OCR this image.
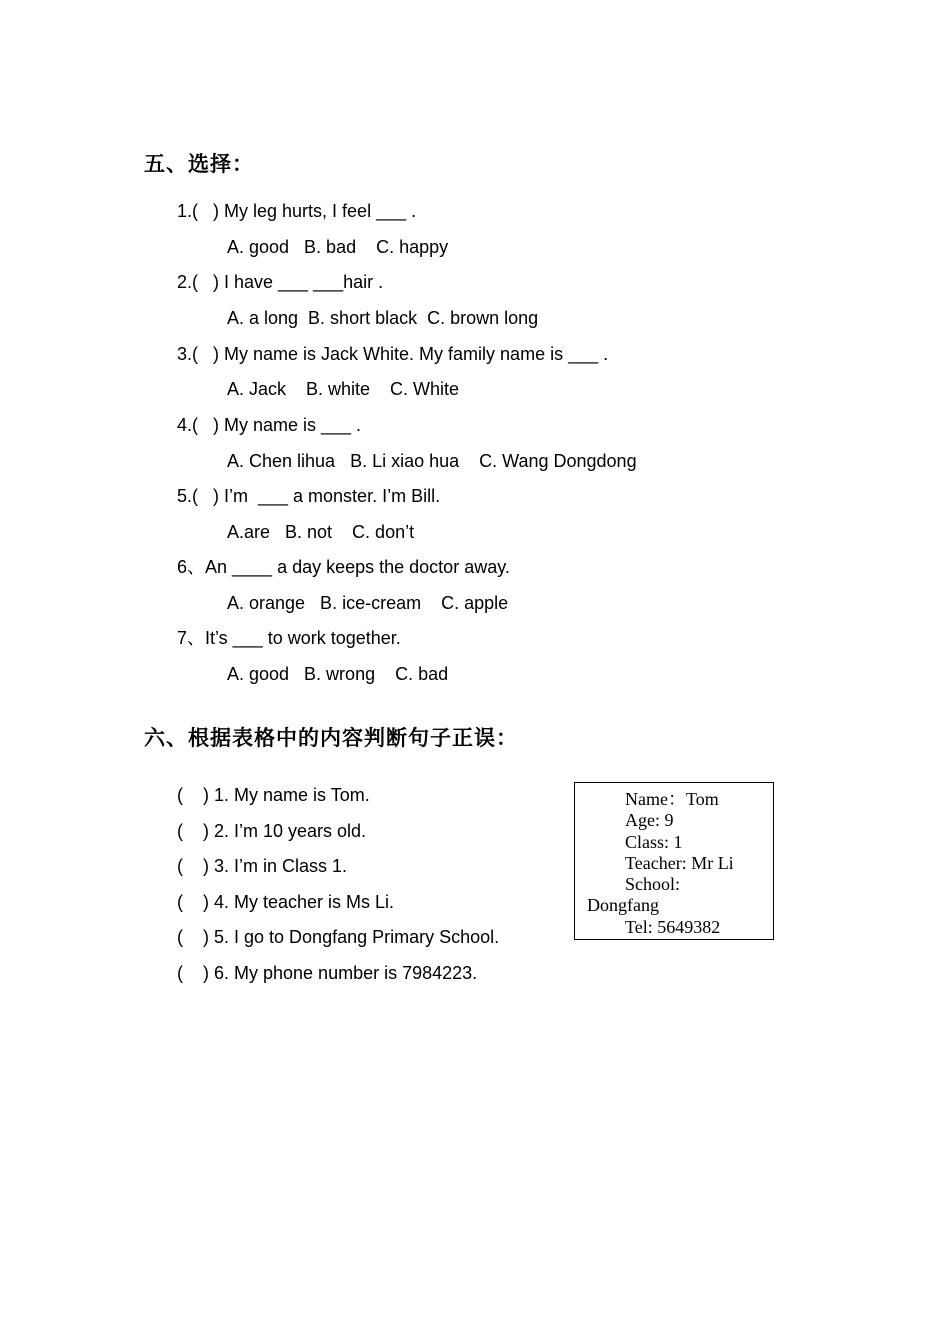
五、选择：
1.(   ) My leg hurts, I feel ___ .
A. good   B. bad    C. happy
2.(   ) I have ___ ___hair .
A. a long  B. short black  C. brown long
3.(   ) My name is Jack White. My family name is ___ .
A. Jack    B. white    C. White
4.(   ) My name is ___ .
A. Chen lihua   B. Li xiao hua    C. Wang Dongdong
5.(   ) I’m  ___ a monster. I’m Bill.
A.are   B. not    C. don’t
6、An ____ a day keeps the doctor away.
A. orange   B. ice-cream    C. apple
7、It’s ___ to work together.
A. good   B. wrong    C. bad
六、根据表格中的内容判断句子正误：
(    ) 1. My name is Tom.
(    ) 2. I’m 10 years old.
(    ) 3. I’m in Class 1.
(    ) 4. My teacher is Ms Li.
(    ) 5. I go to Dongfang Primary School.
(    ) 6. My phone number is 7984223.
Name：Tom
Age: 9
Class: 1
Teacher: Mr Li
School:
Dongfang
Tel: 5649382
